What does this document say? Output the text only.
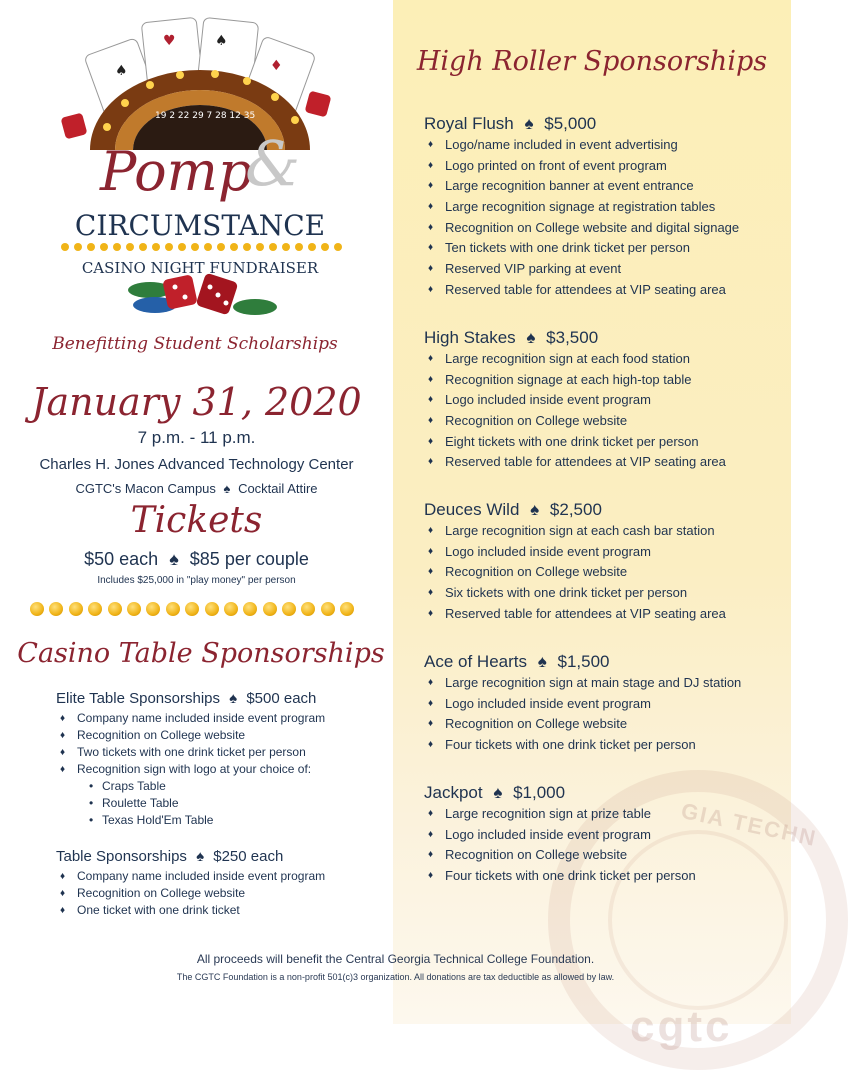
GIA TECHN
cgtc
♠
♥	♠
♦
19 2 22 29 7 28 12 35
Pomp
&
CIRCUMSTANCE
CASINO NIGHT FUNDRAISER
Benefitting Student Scholarships
January 31, 2020
7 p.m. - 11 p.m.
Charles H. Jones Advanced Technology Center
CGTC's Macon Campus ♠ Cocktail Attire
Tickets
$50 each ♠ $85 per couple
Includes $25,000 in "play money" per person
Casino Table Sponsorships
Elite Table Sponsorships ♠ $500 each
♦ Company name included inside event program
♦ Recognition on College website
♦ Two tickets with one drink ticket per person
♦ Recognition sign with logo at your choice of:
• Craps Table
• Roulette Table
• Texas Hold'Em Table
Table Sponsorships ♠ $250 each
♦ Company name included inside event program
♦ Recognition on College website
♦ One ticket with one drink ticket
High Roller Sponsorships
Royal Flush ♠ $5,000
♦ Logo/name included in event advertising
♦ Logo printed on front of event program
♦ Large recognition banner at event entrance
♦ Large recognition signage at registration tables
♦ Recognition on College website and digital signage
♦ Ten tickets with one drink ticket per person
♦ Reserved VIP parking at event
♦ Reserved table for attendees at VIP seating area
High Stakes ♠ $3,500
♦ Large recognition sign at each food station
♦ Recognition signage at each high-top table
♦ Logo included inside event program
♦ Recognition on College website
♦ Eight tickets with one drink ticket per person
♦ Reserved table for attendees at VIP seating area
Deuces Wild ♠ $2,500
♦ Large recognition sign at each cash bar station
♦ Logo included inside event program
♦ Recognition on College website
♦ Six tickets with one drink ticket per person
♦ Reserved table for attendees at VIP seating area
Ace of Hearts ♠ $1,500
♦ Large recognition sign at main stage and DJ station
♦ Logo included inside event program
♦ Recognition on College website
♦ Four tickets with one drink ticket per person
Jackpot ♠ $1,000
♦ Large recognition sign at prize table
♦ Logo included inside event program
♦ Recognition on College website
♦ Four tickets with one drink ticket per person
All proceeds will benefit the Central Georgia Technical College Foundation.
The CGTC Foundation is a non-profit 501(c)3 organization. All donations are tax deductible as allowed by law.
